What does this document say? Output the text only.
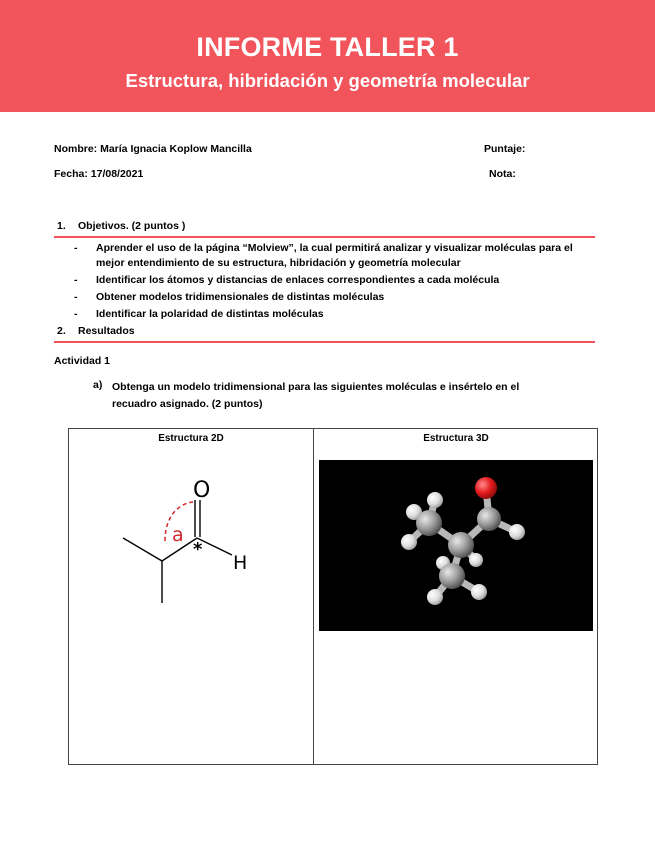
INFORME TALLER 1
Estructura, hibridación y geometría molecular
Nombre: María Ignacia Koplow Mancilla	Puntaje:
Fecha: 17/08/2021	Nota:
1. Objetivos. (2 puntos )
- Aprender el uso de la página “Molview”, la cual permitirá analizar y visualizar moléculas para el mejor entendimiento de su estructura, hibridación y geometría molecular
- Identificar los átomos y distancias de enlaces correspondientes a cada molécula
- Obtener modelos tridimensionales de distintas moléculas
- Identificar la polaridad de distintas moléculas
2. Resultados
Actividad 1
a) Obtenga un modelo tridimensional para las siguientes moléculas e insértelo en el recuadro asignado. (2 puntos)
Estructura 2D	Estructura 3D
O
H
a
*
